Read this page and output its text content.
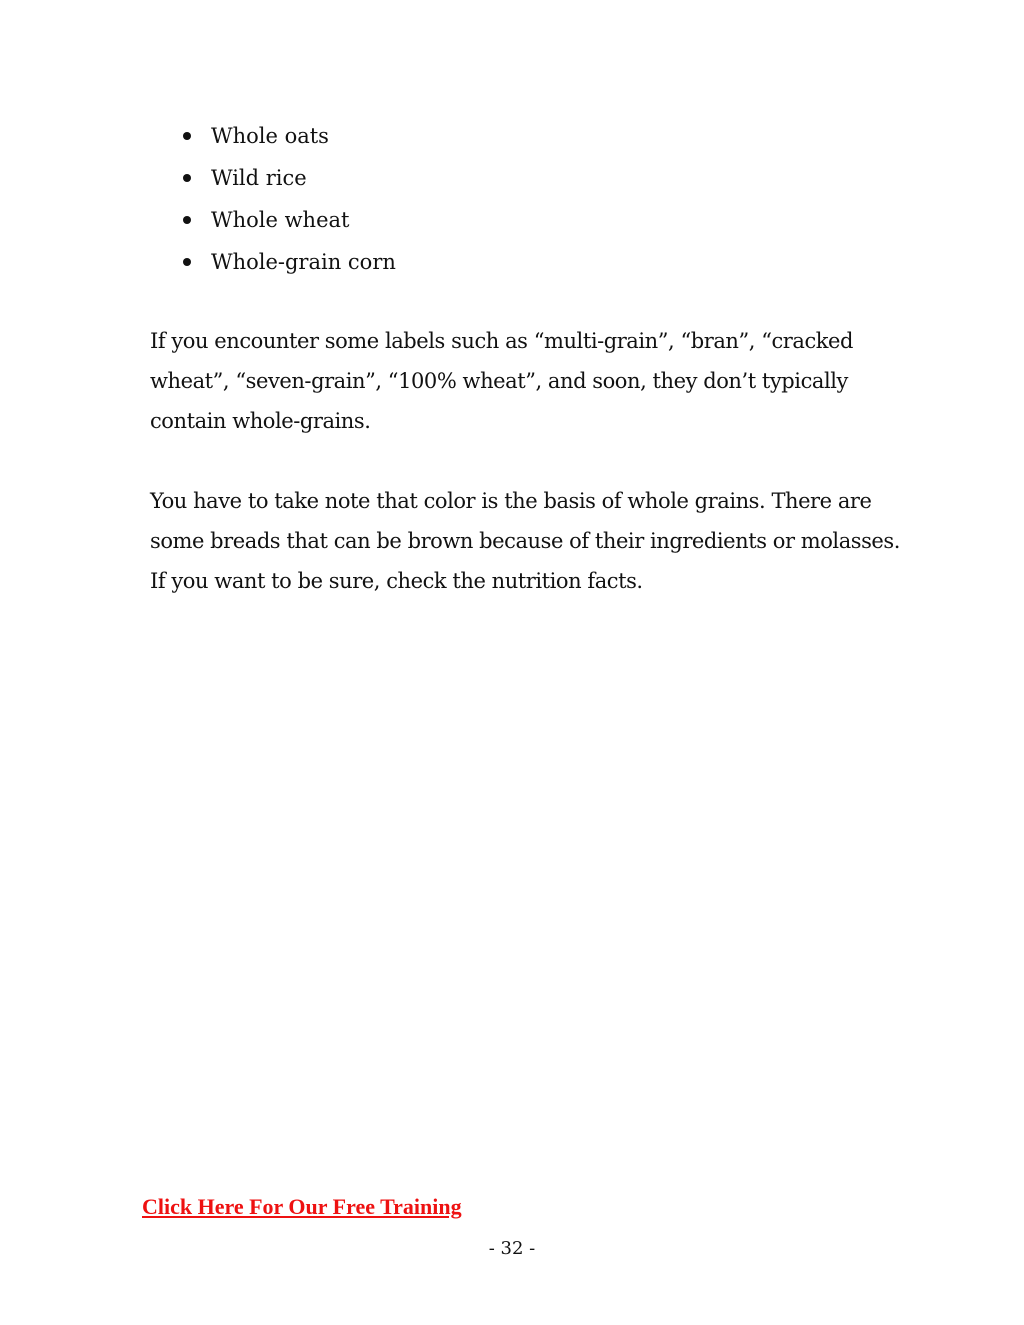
Whole oats
Wild rice
Whole wheat
Whole-grain corn

If you encounter some labels such as “multi-grain”, “bran”, “cracked wheat”, “seven-grain”, “100% wheat”, and soon, they don’t typically contain whole-grains.

You have to take note that color is the basis of whole grains. There are some breads that can be brown because of their ingredients or molasses. If you want to be sure, check the nutrition facts.

Click Here For Our Free Training
- 32 -
